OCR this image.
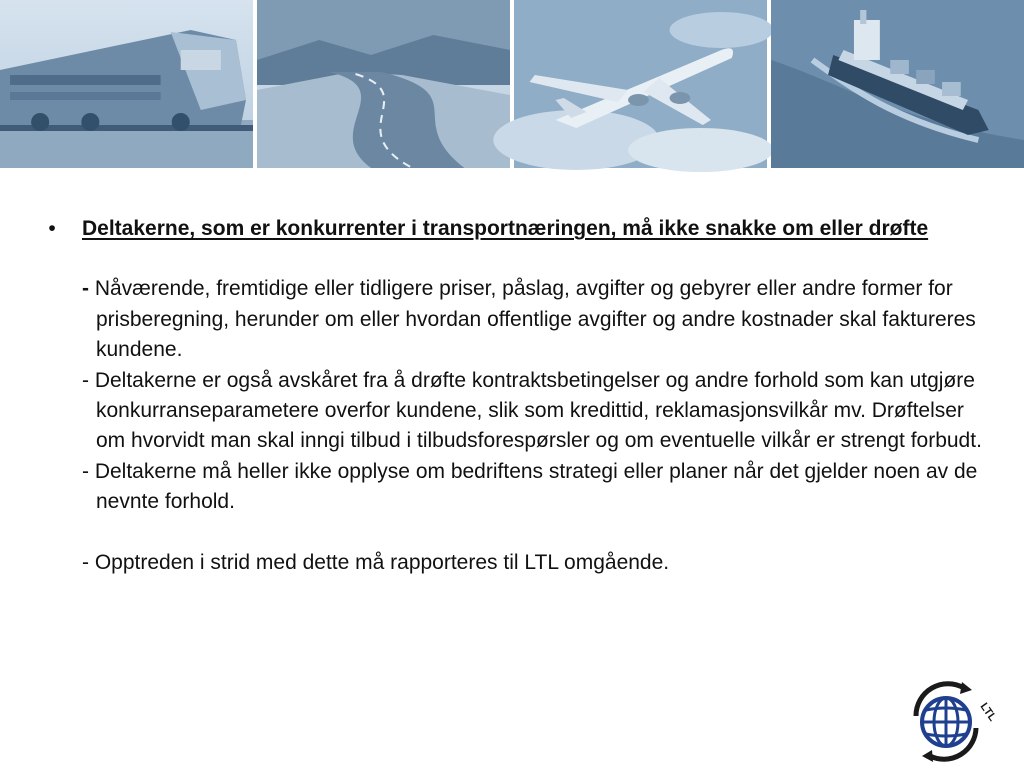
•	Deltakerne, som er konkurrenter i transportnæringen, må ikke snakke om eller drøfte
- Nåværende, fremtidige eller tidligere priser, påslag, avgifter og gebyrer eller andre former for prisberegning, herunder om eller hvordan offentlige avgifter og andre kostnader skal faktureres kundene.
- Deltakerne er også avskåret fra å drøfte kontraktsbetingelser og andre forhold som kan utgjøre konkurranseparametere overfor kundene, slik som kredittid, reklamasjonsvilkår mv. Drøftelser om hvorvidt man skal inngi tilbud i tilbudsforespørsler og om eventuelle vilkår er strengt forbudt.
- Deltakerne må heller ikke opplyse om bedriftens strategi eller planer når det gjelder noen av de nevnte forhold.
- Opptreden i strid med dette må rapporteres til LTL omgående.
LTL
